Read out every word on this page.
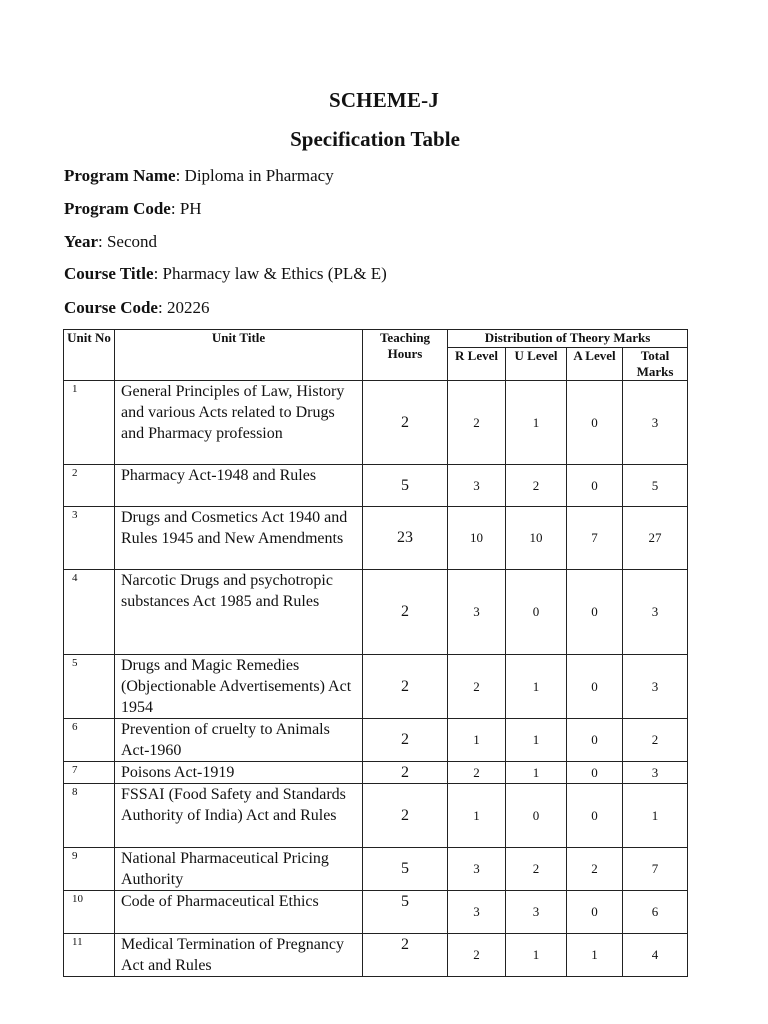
SCHEME-J
Specification Table
Program Name: Diploma in Pharmacy
Program Code: PH
Year: Second
Course Title: Pharmacy law & Ethics (PL& E)
Course Code: 20226
Unit No	Unit Title	Teaching Hours	Distribution of Theory Marks			
			R Level	U Level	A Level	Total Marks
1	General Principles of Law, History and various Acts related to Drugs and Pharmacy profession	2	2	1	0	3
2	Pharmacy Act-1948 and Rules	5	3	2	0	5
3	Drugs and Cosmetics Act 1940 and Rules 1945 and New Amendments	23	10	10	7	27
4	Narcotic Drugs and psychotropic substances Act 1985 and Rules	2	3	0	0	3
5	Drugs and Magic Remedies (Objectionable Advertisements) Act 1954	2	2	1	0	3
6	Prevention of cruelty to Animals Act-1960	2	1	1	0	2
7	Poisons Act-1919	2	2	1	0	3
8	FSSAI (Food Safety and Standards Authority of India) Act and Rules	2	1	0	0	1
9	National Pharmaceutical Pricing Authority	5	3	2	2	7
10	Code of Pharmaceutical Ethics	5	3	3	0	6
11	Medical Termination of Pregnancy Act and Rules	2	2	1	1	4
